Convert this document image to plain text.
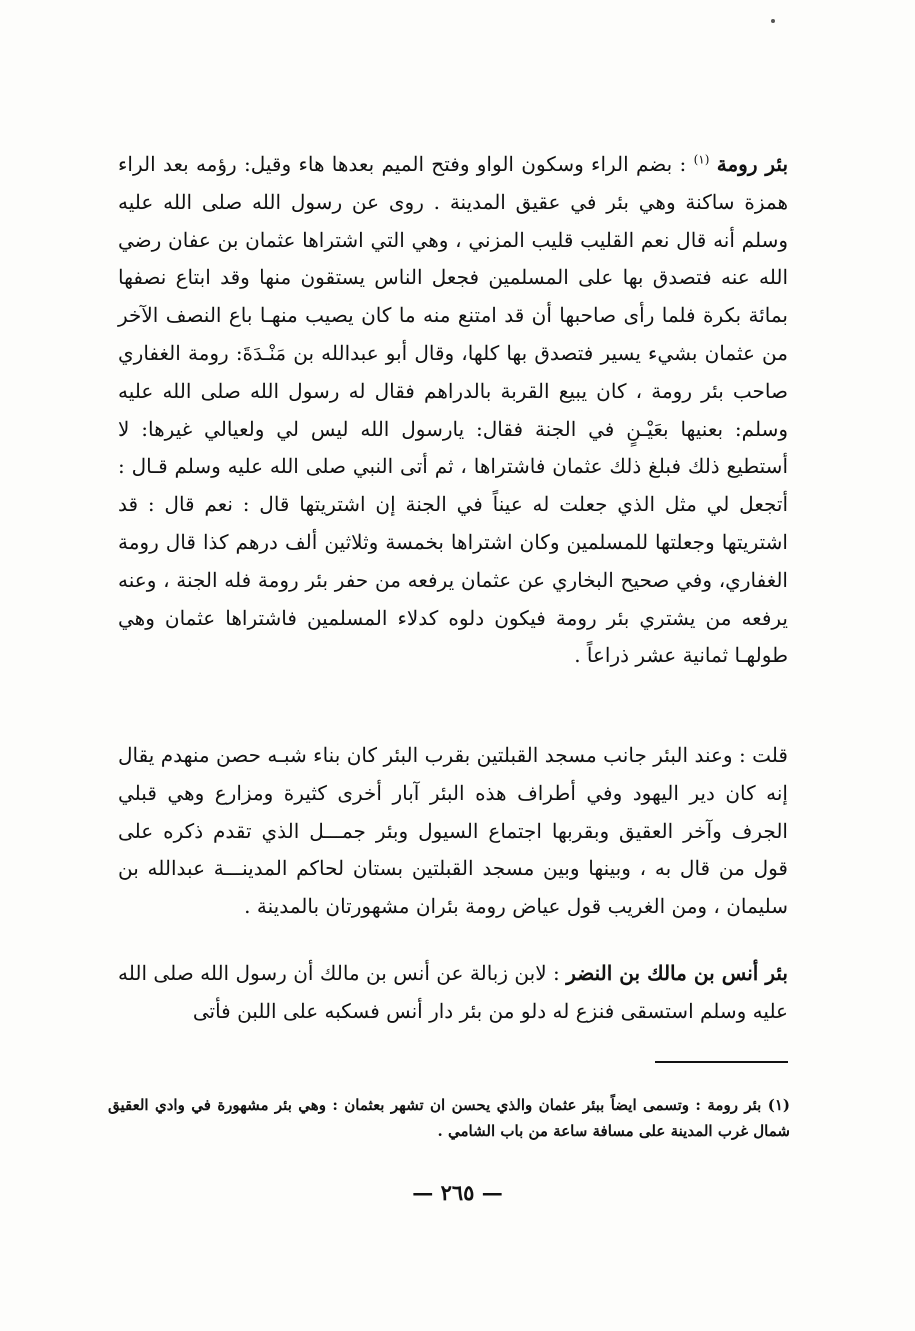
بئر رومة $^{(١)}$ : بضم الراء وسكون الواو وفتح الميم بعدها هاء وقيل: رؤمه بعد الراء همزة ساكنة وهي بئر في عقيق المدينة . روى عن رسول الله صلى الله عليه وسلم أنه قال نعم القليب قليب المزني ، وهي التي اشتراها عثمان بن عفان رضي الله عنه فتصدق بها على المسلمين فجعل الناس يستقون منها وقد ابتاع نصفها بمائة بكرة فلما رأى صاحبها أن قد امتنع منه ما كان يصيب منهـا باع النصف الآخر من عثمان بشيء يسير فتصدق بها كلها، وقال أبو عبدالله بن مَنْـدَةَ: رومة الغفاري صاحب بئر رومة ، كان يبيع القربة بالدراهم فقال له رسول الله صلى الله عليه وسلم: بعنيها بعَيْـنٍ في الجنة فقال: يارسول الله ليس لي ولعيالي غيرها: لا أستطيع ذلك فبلغ ذلك عثمان فاشتراها ، ثم أتى النبي صلى الله عليه وسلم قـال : أتجعل لي مثل الذي جعلت له عيناً في الجنة إن اشتريتها قال : نعم قال : قد اشتريتها وجعلتها للمسلمين وكان اشتراها بخمسة وثلاثين ألف درهم كذا قال رومة الغفاري، وفي صحيح البخاري عن عثمان يرفعه من حفر بئر رومة فله الجنة ، وعنه يرفعه من يشتري بئر رومة فيكون دلوه كدلاء المسلمين فاشتراها عثمان وهي طولهـا ثمانية عشر ذراعاً .

قلت : وعند البئر جانب مسجد القبلتين بقرب البئر كان بناء شبـه حصن منهدم يقال إنه كان دير اليهود وفي أطراف هذه البئر آبار أخرى كثيرة ومزارع وهي قبلي الجرف وآخر العقيق وبقربها اجتماع السيول وبئر جمـــل الذي تقدم ذكره على قول من قال به ، وبينها وبين مسجد القبلتين بستان لحاكم المدينـــة عبدالله بن سليمان ، ومن الغريب قول عياض رومة بئران مشهورتان بالمدينة .

بئر أنس بن مالك بن النضر : لابن زبالة عن أنس بن مالك أن رسول الله صلى الله عليه وسلم استسقى فنزع له دلو من بئر دار أنس فسكبه على اللبن فأتى

(١) بئر رومة : وتسمى ايضاً ببئر عثمان والذي يحسن ان تشهر بعثمان : وهي بئر مشهورة في وادي العقيق شمال غرب المدينة على مسافة ساعة من باب الشامي .

— ٢٦٥ —
